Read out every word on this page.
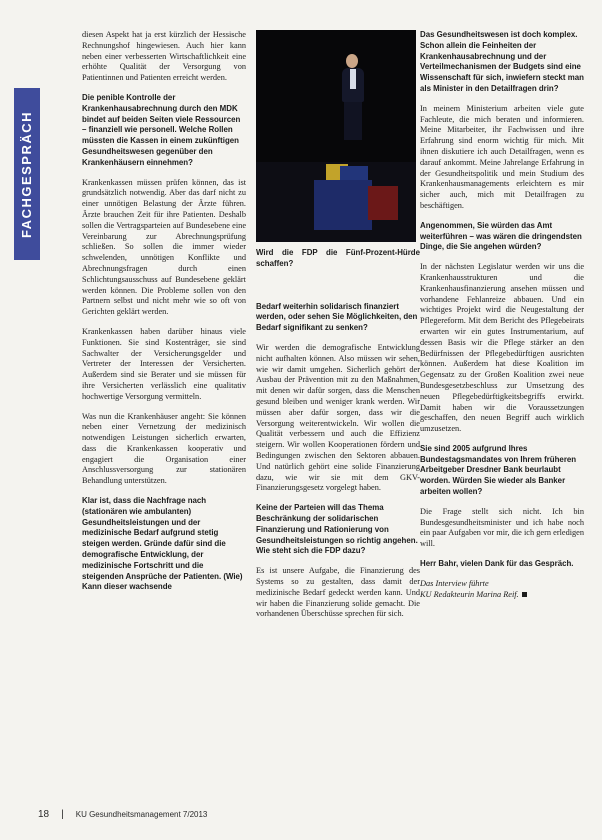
FACHGESPRÄCH

diesen Aspekt hat ja erst kürzlich der Hessische Rechnungshof hingewiesen. Auch hier kann neben einer verbesserten Wirtschaftlichkeit eine erhöhte Qualität der Versorgung von Patientinnen und Patienten erreicht werden.

Die penible Kontrolle der Krankenhausabrechnung durch den MDK bindet auf beiden Seiten viele Ressourcen – finanziell wie personell. Welche Rollen müssten die Kassen in einem zukünftigen Gesundheitswesen gegenüber den Krankenhäusern einnehmen?

Krankenkassen müssen prüfen können, das ist grundsätzlich notwendig. Aber das darf nicht zu einer unnötigen Belastung der Ärzte führen. Ärzte brauchen Zeit für ihre Patienten. Deshalb sollen die Vertragsparteien auf Bundesebene eine Vereinbarung zur Abrechnungsprüfung schließen. So sollen die immer wieder schwelenden, unnötigen Konflikte und Abrechnungsfragen durch einen Schlichtungsausschuss auf Bundesebene geklärt werden können. Die Probleme sollen von den Partnern selbst und nicht mehr wie so oft von Gerichten geklärt werden.

Krankenkassen haben darüber hinaus viele Funktionen. Sie sind Kostenträger, sie sind Sachwalter der Versicherungsgelder und Vertreter der Interessen der Versicherten. Außerdem sind sie Berater und sie müssen für ihre Versicherten verlässlich eine qualitativ hochwertige Versorgung vermitteln.

Was nun die Krankenhäuser angeht: Sie können neben einer Vernetzung der medizinisch notwendigen Leistungen sicherlich erwarten, dass die Krankenkassen kooperativ und engagiert die Organisation einer Anschlussversorgung zur stationären Behandlung unterstützen.

Klar ist, dass die Nachfrage nach (stationären wie ambulanten) Gesundheitsleistungen und der medizinische Bedarf aufgrund stetig steigen werden. Gründe dafür sind die demografische Entwicklung, der medizinische Fortschritt und die steigenden Ansprüche der Patienten. (Wie) Kann dieser wachsende

Wird die FDP die Fünf-Prozent-Hürde schaffen?

Bedarf weiterhin solidarisch finanziert werden, oder sehen Sie Möglichkeiten, den Bedarf signifikant zu senken?

Wir werden die demografische Entwicklung nicht aufhalten können. Also müssen wir sehen, wie wir damit umgehen. Sicherlich gehört der Ausbau der Prävention mit zu den Maßnahmen, mit denen wir dafür sorgen, dass die Menschen gesund bleiben und weniger krank werden. Wir müssen aber dafür sorgen, dass wir die Versorgung weiterentwickeln. Wir wollen die Qualität verbessern und auch die Effizienz steigern. Wir wollen Kooperationen fördern und Bedingungen zwischen den Sektoren abbauen. Und natürlich gehört eine solide Finanzierung dazu, wie wir sie mit dem GKV-Finanzierungsgesetz vorgelegt haben.

Keine der Parteien will das Thema Beschränkung der solidarischen Finanzierung und Rationierung von Gesundheitsleistungen so richtig angehen. Wie steht sich die FDP dazu?

Es ist unsere Aufgabe, die Finanzierung des Systems so zu gestalten, dass damit der medizinische Bedarf gedeckt werden kann. Und wir haben die Finanzierung solide gemacht. Die vorhandenen Überschüsse sprechen für sich.

Das Gesundheitswesen ist doch komplex. Schon allein die Feinheiten der Krankenhausabrechnung und der Verteilmechanismen der Budgets sind eine Wissenschaft für sich, inwiefern steckt man als Minister in den Detailfragen drin?

In meinem Ministerium arbeiten viele gute Fachleute, die mich beraten und informieren. Meine Mitarbeiter, ihr Fachwissen und ihre Erfahrung sind enorm wichtig für mich. Mit ihnen diskutiere ich auch Detailfragen, wenn es darauf ankommt. Meine Jahrelange Erfahrung in der Gesundheitspolitik und mein Studium des Krankenhausmanagements erleichtern es mir sicher auch, mich mit Detailfragen zu beschäftigen.

Angenommen, Sie würden das Amt weiterführen – was wären die dringendsten Dinge, die Sie angehen würden?

In der nächsten Legislatur werden wir uns die Krankenhausstrukturen und die Krankenhausfinanzierung ansehen müssen und vorhandene Fehlanreize abbauen. Und ein wichtiges Projekt wird die Neugestaltung der Pflegereform. Mit dem Bericht des Pflegebeirats erwarten wir ein gutes Instrumentarium, auf dessen Basis wir die Pflege stärker an den Bedürfnissen der Pflegebedürftigen ausrichten können. Außerdem hat diese Koalition im Gegensatz zu der Großen Koalition zwei neue Bundesgesetzbeschluss zur Umsetzung des neuen Pflegebedürftigkeitsbegriffs erwirkt. Damit haben wir die Voraussetzungen geschaffen, den neuen Begriff auch wirklich umzusetzen.

Sie sind 2005 aufgrund Ihres Bundestagsmandates von Ihrem früheren Arbeitgeber Dresdner Bank beurlaubt worden. Würden Sie wieder als Banker arbeiten wollen?

Die Frage stellt sich nicht. Ich bin Bundesgesundheitsminister und ich habe noch ein paar Aufgaben vor mir, die ich gern erledigen will.

Herr Bahr, vielen Dank für das Gespräch.

Das Interview führte
KU Redakteurin Marina Reif.

18 | KU Gesundheitsmanagement 7/2013
